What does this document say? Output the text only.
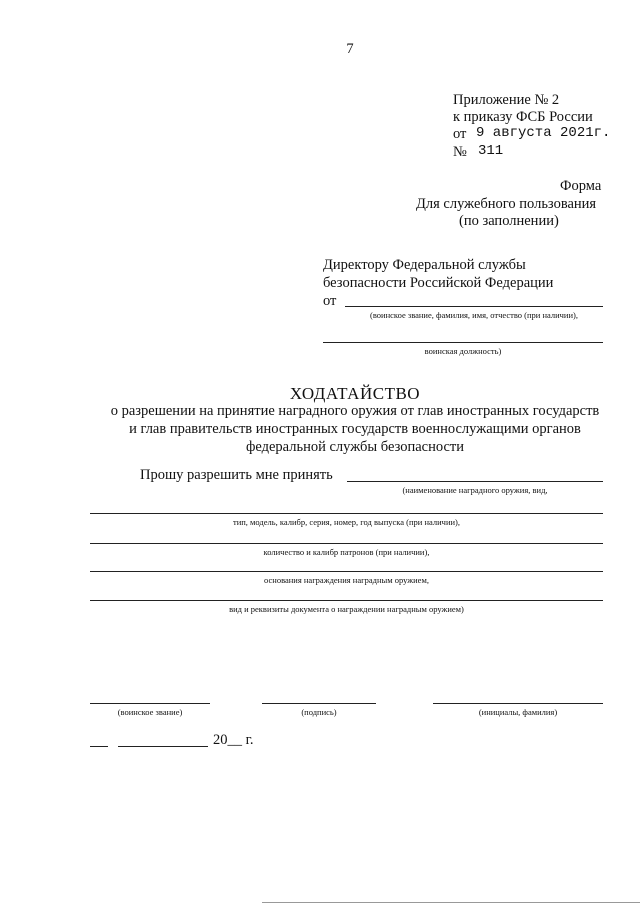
7
Приложение № 2
к приказу ФСБ России
от 9 августа 2021г.
№ 311
Форма
Для служебного пользования
(по заполнении)
Директору Федеральной службы
безопасности Российской Федерации
от
(воинское звание, фамилия, имя, отчество (при наличии),
воинская должность)
ХОДАТАЙСТВО
о разрешении на принятие наградного оружия от глав иностранных государств
и глав правительств иностранных государств военнослужащими органов
федеральной службы безопасности
Прошу разрешить мне принять
(наименование наградного оружия, вид,
тип, модель, калибр, серия, номер, год выпуска (при наличии),
количество и калибр патронов (при наличии),
основания награждения наградным оружием,
вид и реквизиты документа о награждении наградным оружием)
(воинское звание)	(подпись)	(инициалы, фамилия)
20__ г.
